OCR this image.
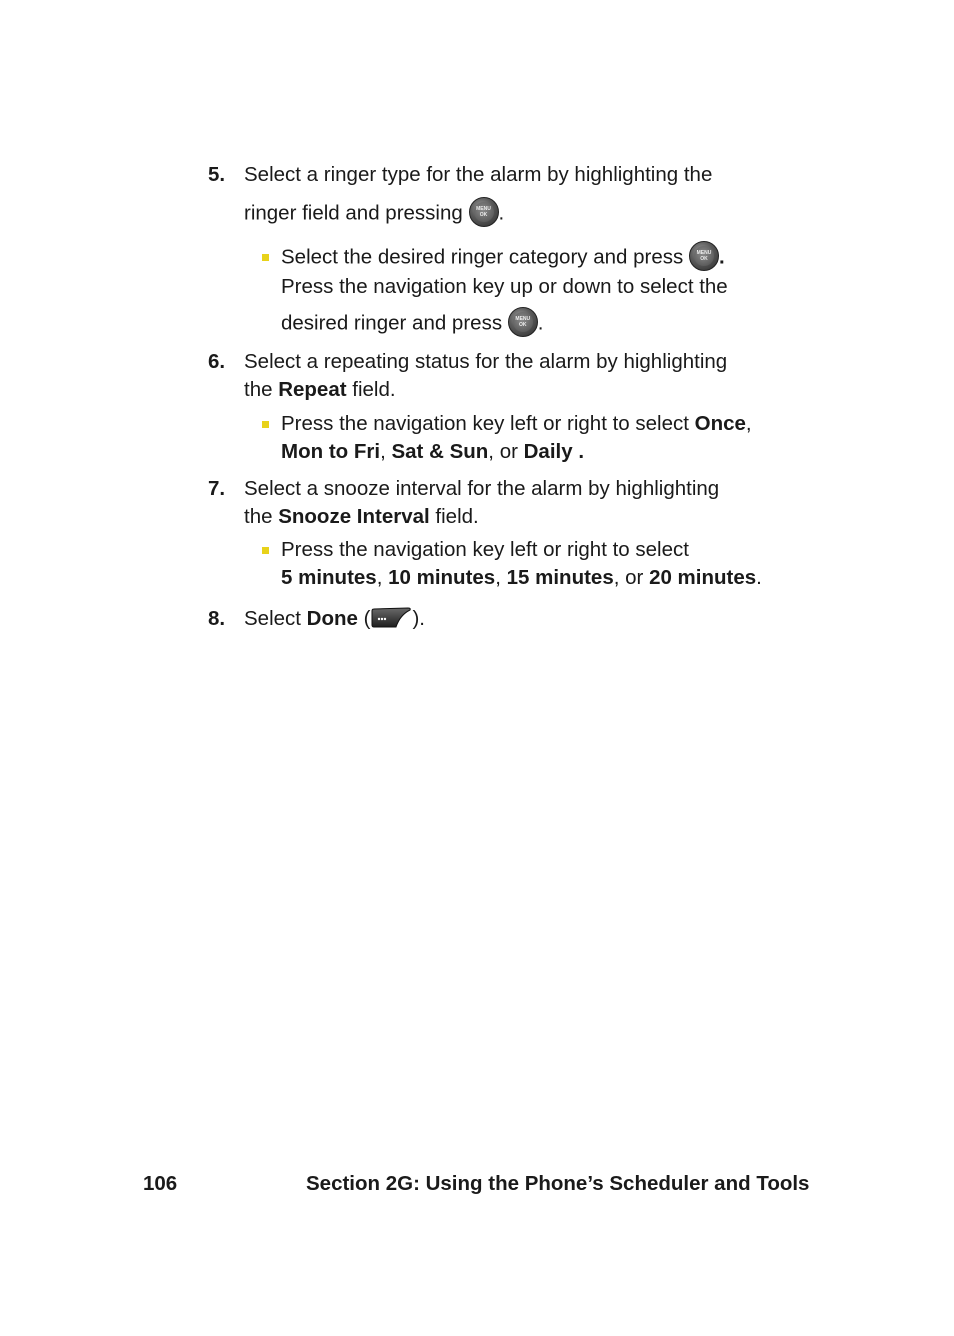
5. Select a ringer type for the alarm by highlighting the
ringer field and pressing	MENU OK .
Select the desired ringer category and press	MENU OK .
Press the navigation key up or down to select the
desired ringer and press	MENU OK .
6. Select a repeating status for the alarm by highlighting
the Repeat field.
Press the navigation key left or right to select Once,
Mon to Fri, Sat & Sun, or Daily .
7. Select a snooze interval for the alarm by highlighting
the Snooze Interval field.
Press the navigation key left or right to select
5 minutes, 10 minutes, 15 minutes, or 20 minutes.
8. Select Done ( ).
106	Section 2G: Using the Phone’s Scheduler and Tools
